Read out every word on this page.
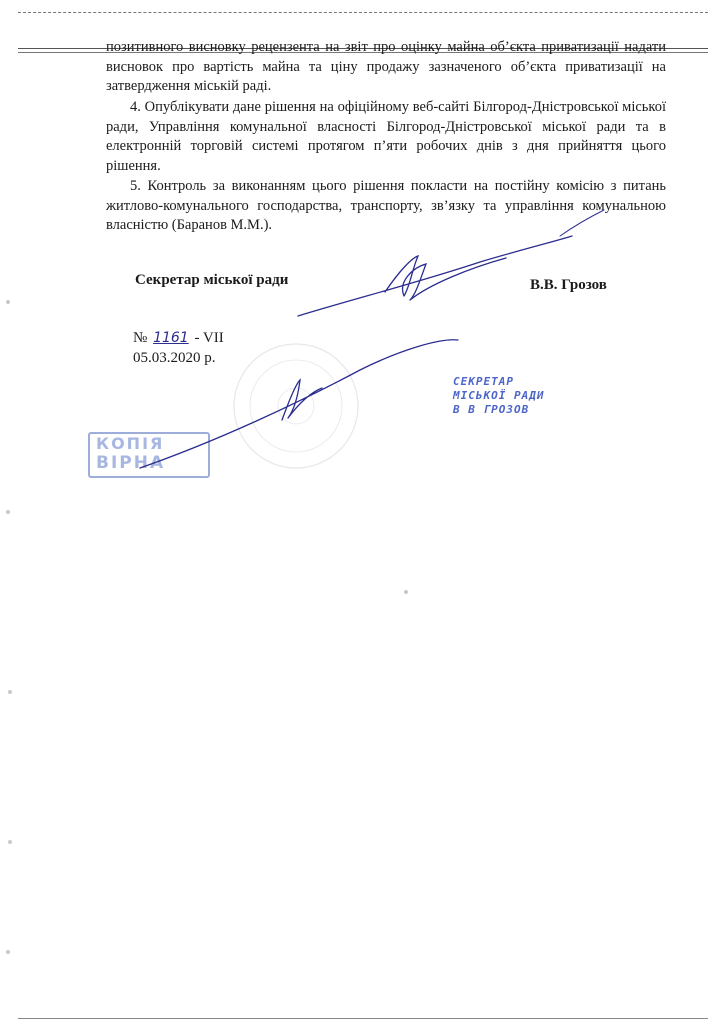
позитивного висновку рецензента на звіт про оцінку майна об’єкта приватизації надати висновок про вартість майна та ціну продажу зазначеного об’єкта приватизації на затвердження міській раді.
4. Опублікувати дане рішення на офіційному веб-сайті Білгород-Дністровської міської ради, Управління комунальної власності Білгород-Дністровської міської ради та в електронній торговій системі протягом п’яти робочих днів з дня прийняття цього рішення.
5. Контроль за виконанням цього рішення покласти на постійну комісію з питань житлово-комунального господарства, транспорту, зв’язку та управління комунальною власністю (Баранов М.М.).
Секретар міської ради	В.В. Грозов
№ 1161 - VII
05.03.2020 р.
СЕКРЕТАР
МІСЬКОЇ РАДИ
В В ГРОЗОВ
КОПІЯ
ВІРНА
